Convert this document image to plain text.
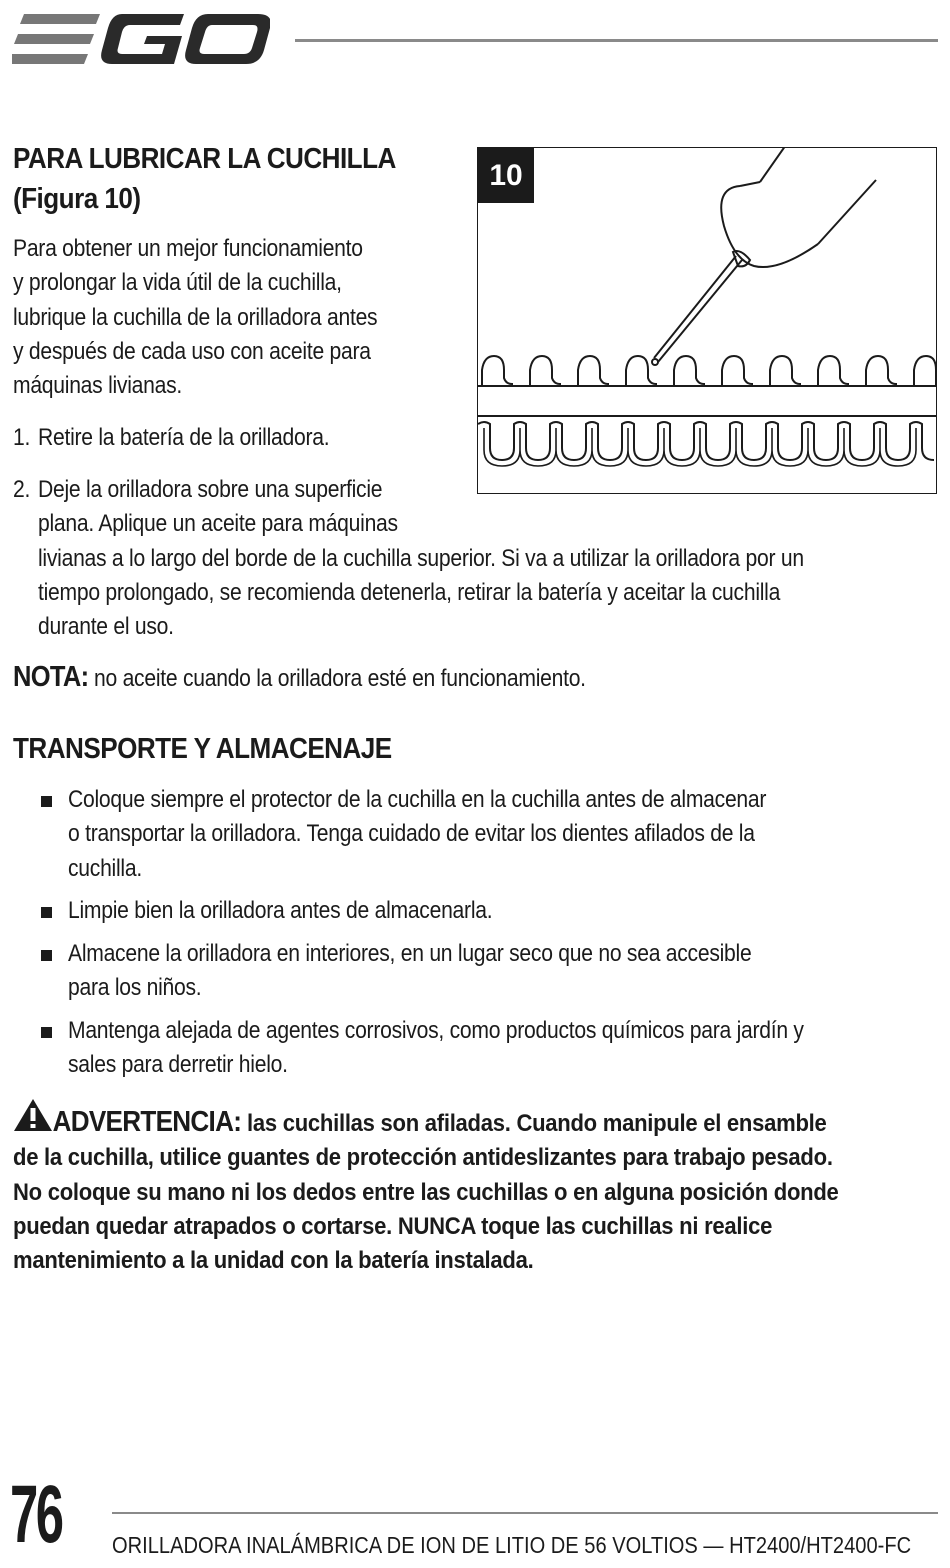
PARA LUBRICAR LA CUCHILLA

(Figura 10)

Para obtener un mejor funcionamiento

y prolongar la vida útil de la cuchilla,

lubrique la cuchilla de la orilladora antes

y después de cada uso con aceite para

máquinas livianas.

1. Retire la batería de la orilladora.
2. Deje la orilladora sobre una superficie

plana. Aplique un aceite para máquinas

livianas a lo largo del borde de la cuchilla superior. Si va a utilizar la orilladora por un

tiempo prolongado, se recomienda detenerla, retirar la batería y aceitar la cuchilla

durante el uso.

NOTA: no aceite cuando la orilladora esté en funcionamiento.

10

TRANSPORTE Y ALMACENAJE

Coloque siempre el protector de la cuchilla en la cuchilla antes de almacenar

o transportar la orilladora. Tenga cuidado de evitar los dientes afilados de la

cuchilla.

Limpie bien la orilladora antes de almacenarla.

Almacene la orilladora en interiores, en un lugar seco que no sea accesible

para los niños.

Mantenga alejada de agentes corrosivos, como productos químicos para jardín y

sales para derretir hielo.

ADVERTENCIA: las cuchillas son afiladas. Cuando manipule el ensamble
de la cuchilla, utilice guantes de protección antideslizantes para trabajo pesado.
No coloque su mano ni los dedos entre las cuchillas o en alguna posición donde
puedan quedar atrapados o cortarse. NUNCA toque las cuchillas ni realice
mantenimiento a la unidad con la batería instalada.
76 ORILLADORA INALÁMBRICA DE ION DE LITIO DE 56 VOLTIOS — HT2400/HT2400-FC
